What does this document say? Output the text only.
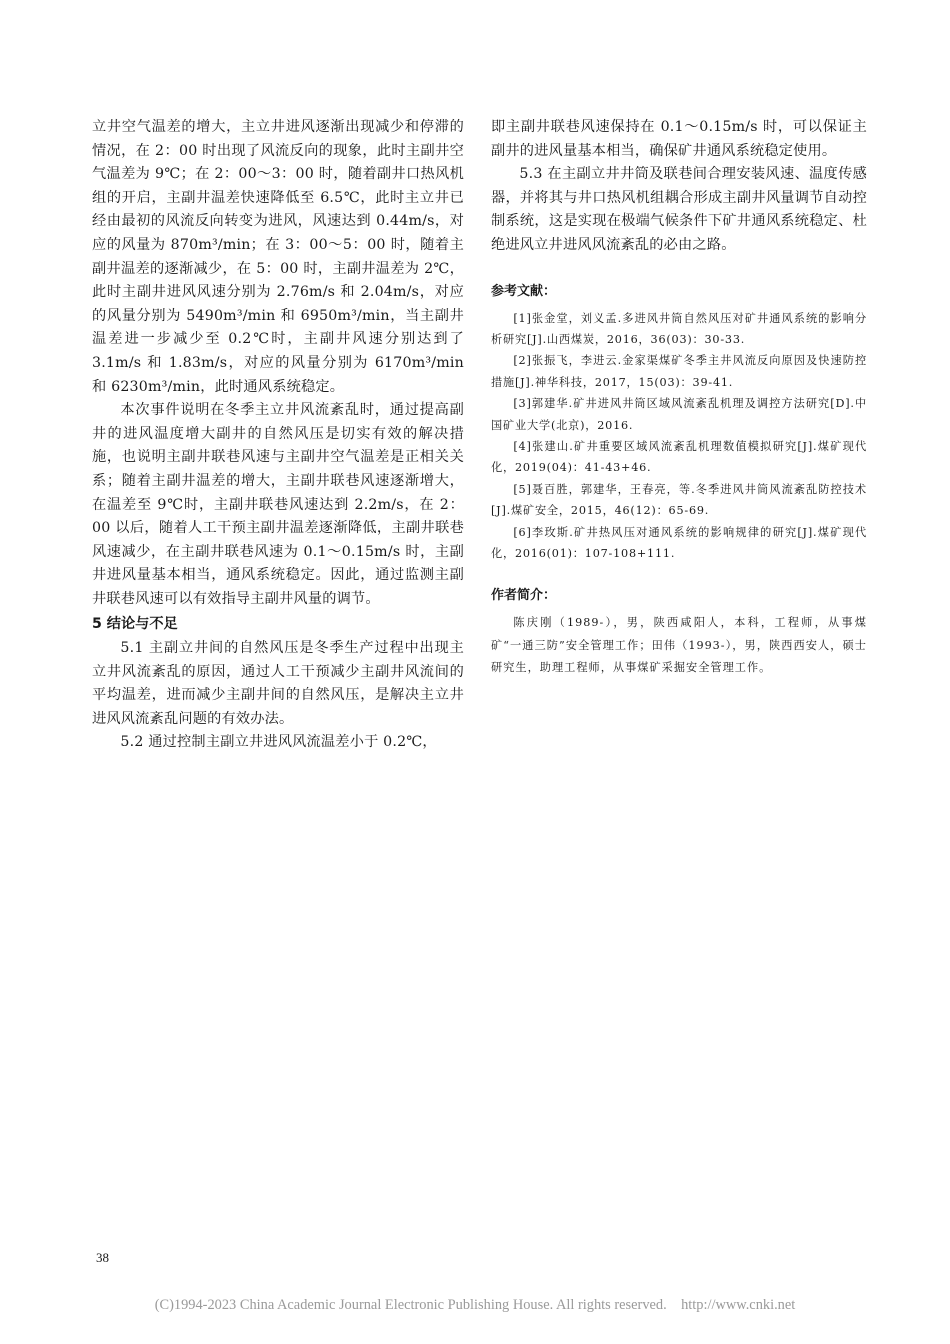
立井空气温差的增大，主立井进风逐渐出现减少和停滞的情况，在 2：00 时出现了风流反向的现象，此时主副井空气温差为 9℃；在 2：00～3：00 时，随着副井口热风机组的开启，主副井温差快速降低至 6.5℃，此时主立井已经由最初的风流反向转变为进风，风速达到 0.44m/s，对应的风量为 870m³/min；在 3：00～5：00 时，随着主副井温差的逐渐减少，在 5：00 时，主副井温差为 2℃，此时主副井进风风速分别为 2.76m/s 和 2.04m/s，对应的风量分别为 5490m³/min 和 6950m³/min，当主副井温差进一步减少至 0.2℃时，主副井风速分别达到了 3.1m/s 和 1.83m/s，对应的风量分别为 6170m³/min 和 6230m³/min，此时通风系统稳定。

本次事件说明在冬季主立井风流紊乱时，通过提高副井的进风温度增大副井的自然风压是切实有效的解决措施，也说明主副井联巷风速与主副井空气温差是正相关关系；随着主副井温差的增大，主副井联巷风速逐渐增大，在温差至 9℃时，主副井联巷风速达到 2.2m/s，在 2：00 以后，随着人工干预主副井温差逐渐降低，主副井联巷风速减少，在主副井联巷风速为 0.1～0.15m/s 时，主副井进风量基本相当，通风系统稳定。因此，通过监测主副井联巷风速可以有效指导主副井风量的调节。

5 结论与不足

5.1 主副立井间的自然风压是冬季生产过程中出现主立井风流紊乱的原因，通过人工干预减少主副井风流间的平均温差，进而减少主副井间的自然风压，是解决主立井进风风流紊乱问题的有效办法。

5.2 通过控制主副立井进风风流温差小于 0.2℃，

即主副井联巷风速保持在 0.1～0.15m/s 时，可以保证主副井的进风量基本相当，确保矿井通风系统稳定使用。

5.3 在主副立井井筒及联巷间合理安装风速、温度传感器，并将其与井口热风机组耦合形成主副井风量调节自动控制系统，这是实现在极端气候条件下矿井通风系统稳定、杜绝进风立井进风风流紊乱的必由之路。

参考文献：

[1]张金堂，刘义孟.多进风井筒自然风压对矿井通风系统的影响分析研究[J].山西煤炭，2016，36(03)：30-33.

[2]张振飞，李进云.金家渠煤矿冬季主井风流反向原因及快速防控措施[J].神华科技，2017，15(03)：39-41.

[3]郭建华.矿井进风井筒区域风流紊乱机理及调控方法研究[D].中国矿业大学(北京)，2016.

[4]张建山.矿井重要区域风流紊乱机理数值模拟研究[J].煤矿现代化，2019(04)：41-43+46.

[5]聂百胜，郭建华，王春亮，等.冬季进风井筒风流紊乱防控技术[J].煤矿安全，2015，46(12)：65-69.

[6]李玫斯.矿井热风压对通风系统的影响规律的研究[J].煤矿现代化，2016(01)：107-108+111.

作者简介：

陈庆刚（1989-），男，陕西咸阳人，本科，工程师，从事煤矿“一通三防”安全管理工作；田伟（1993-），男，陕西西安人，硕士研究生，助理工程师，从事煤矿采掘安全管理工作。

38
(C)1994-2023 China Academic Journal Electronic Publishing House. All rights reserved.    http://www.cnki.net
